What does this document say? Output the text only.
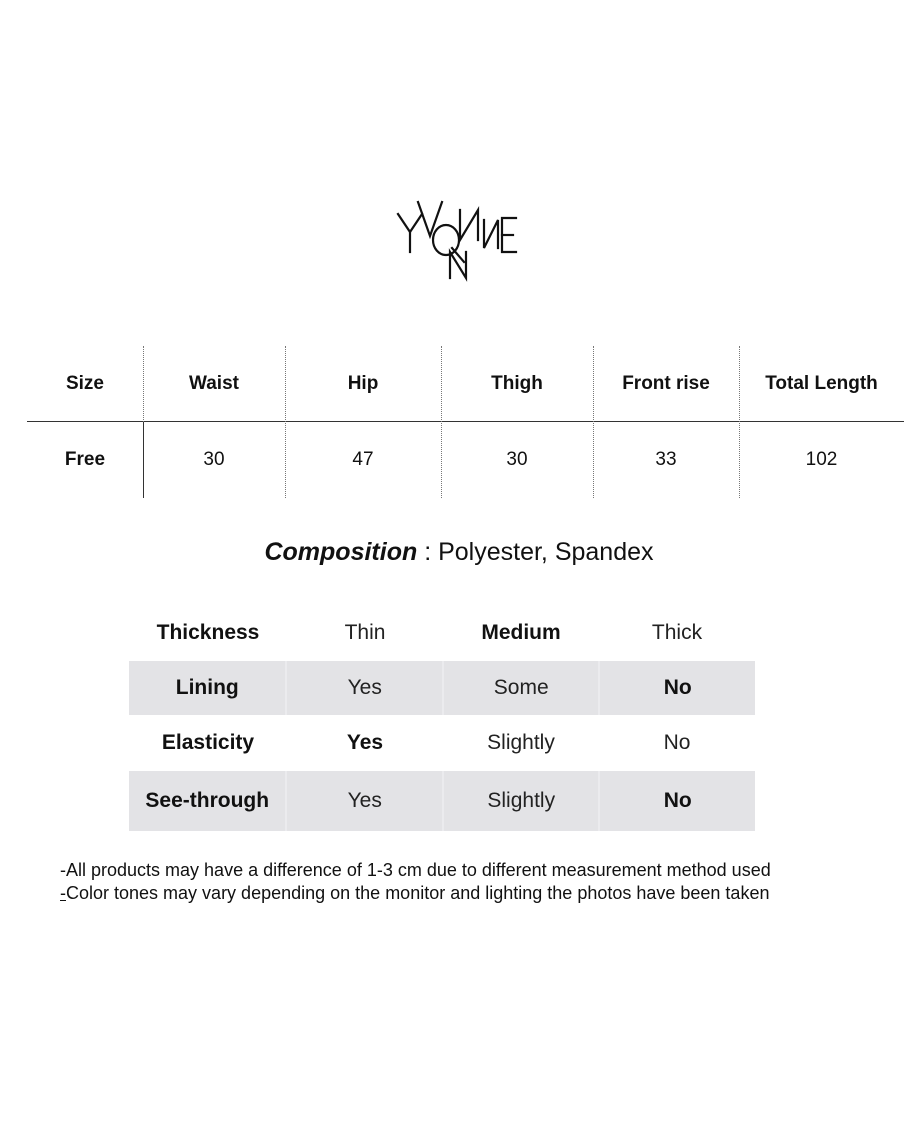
Size	Waist	Hip	Thigh	Front rise	Total Length
Free	30	47	30	33	102
Composition : Polyester, Spandex
Thickness	Thin	Medium	Thick
Lining	Yes	Some	No
Elasticity	Yes	Slightly	No
See-through	Yes	Slightly	No
-All products may have a difference of 1-3 cm due to different measurement method used
-Color tones may vary depending on the monitor and lighting the photos have been taken
